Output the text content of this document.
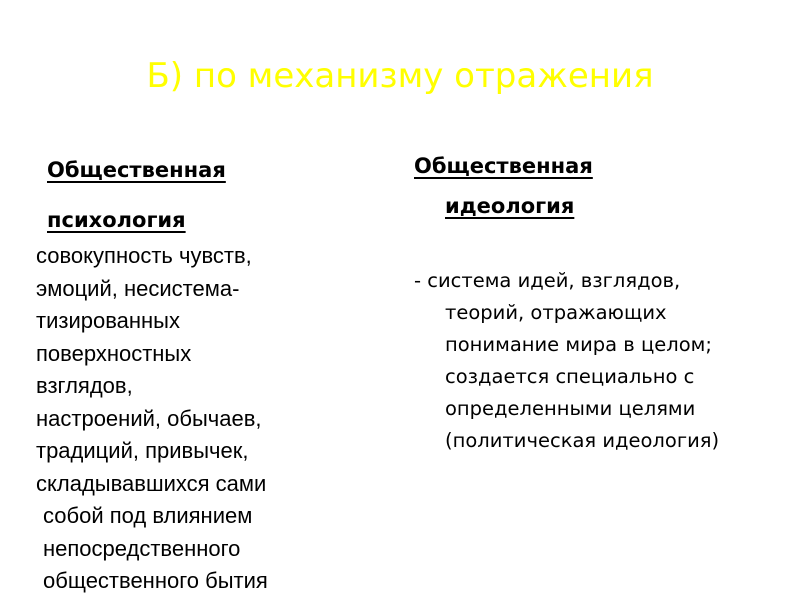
Б) по механизму отражения
Общественная
психология
совокупность чувств,
эмоций, несистема-
тизированных
поверхностных
взглядов,
настроений, обычаев,
традиций, привычек,
складывавшихся сами
собой под влиянием
непосредственного
общественного бытия
Общественная
идеология
- система идей, взглядов,
теорий, отражающих
понимание мира в целом;
создается специально с
определенными целями
(политическая идеология)
